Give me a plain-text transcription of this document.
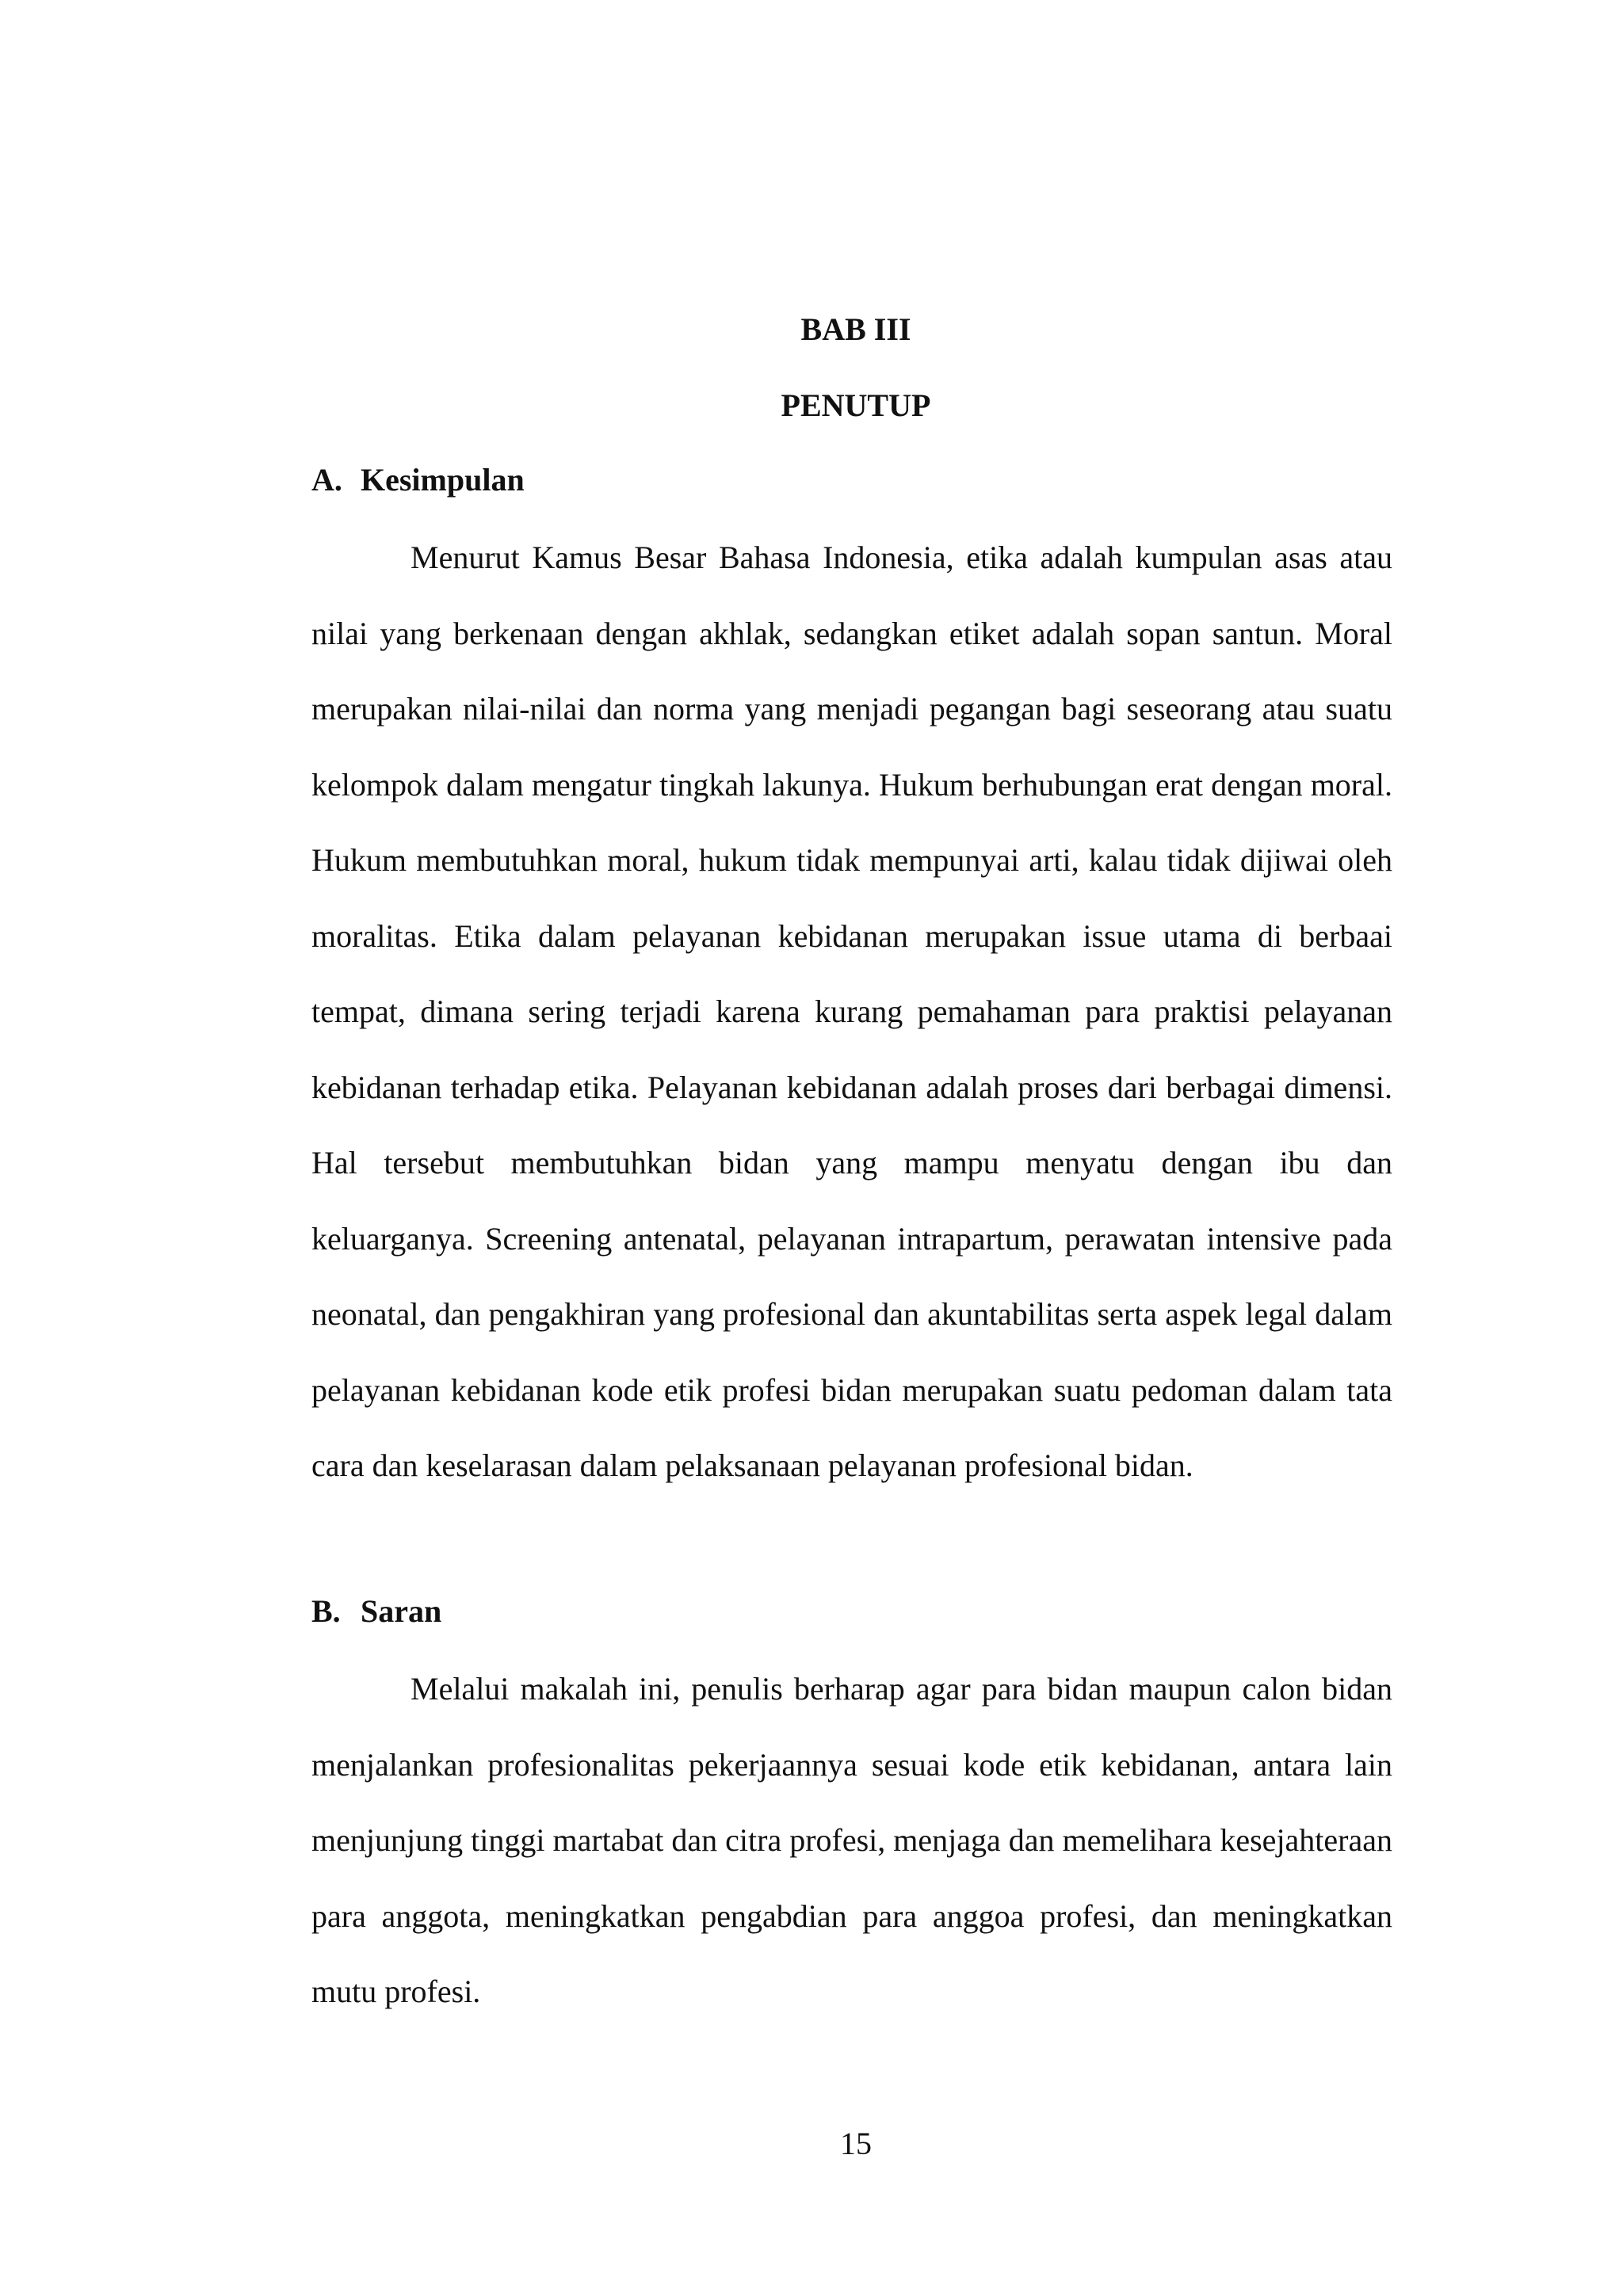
BAB III

PENUTUP

A. Kesimpulan

Menurut Kamus Besar Bahasa Indonesia, etika adalah kumpulan asas atau nilai yang berkenaan dengan akhlak, sedangkan etiket adalah sopan santun. Moral merupakan nilai-nilai dan norma yang menjadi pegangan bagi seseorang atau suatu kelompok dalam mengatur tingkah lakunya. Hukum berhubungan erat dengan moral. Hukum membutuhkan moral, hukum tidak mempunyai arti, kalau tidak dijiwai oleh moralitas. Etika dalam pelayanan kebidanan merupakan issue utama di berbaai tempat, dimana sering terjadi karena kurang pemahaman para praktisi pelayanan kebidanan terhadap etika. Pelayanan kebidanan adalah proses dari berbagai dimensi. Hal tersebut membutuhkan bidan yang mampu menyatu dengan ibu dan keluarganya. Screening antenatal, pelayanan intrapartum, perawatan intensive pada neonatal, dan pengakhiran yang profesional dan akuntabilitas serta aspek legal dalam pelayanan kebidanan kode etik profesi bidan merupakan suatu pedoman dalam tata cara dan keselarasan dalam pelaksanaan pelayanan profesional bidan.

B. Saran

Melalui makalah ini, penulis berharap agar para bidan maupun calon bidan menjalankan profesionalitas pekerjaannya sesuai kode etik kebidanan, antara lain menjunjung tinggi martabat dan citra profesi, menjaga dan memelihara kesejahteraan para anggota, meningkatkan pengabdian para anggoa profesi, dan meningkatkan mutu profesi.

15
